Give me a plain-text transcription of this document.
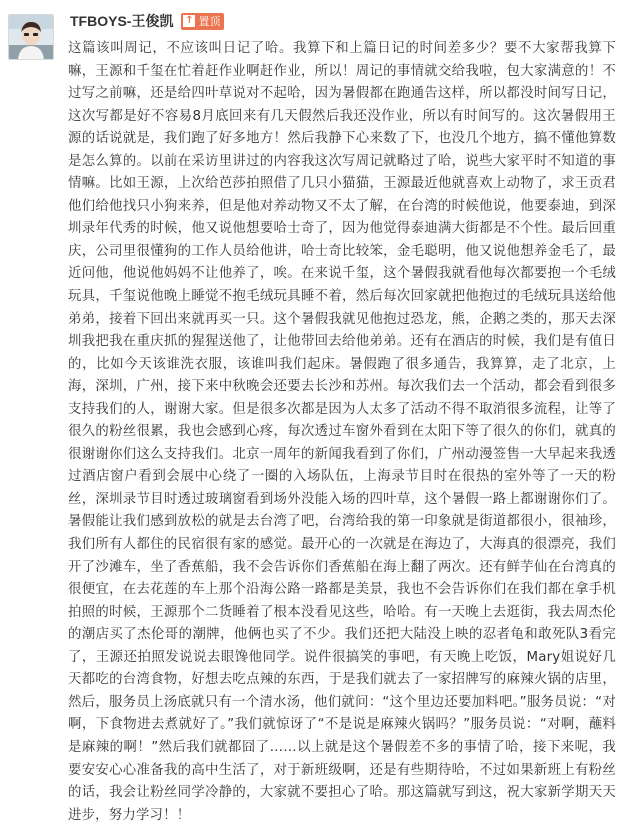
TFBOYS-王俊凯 ↑ 置顶

这篇该叫周记，不应该叫日记了哈。我算下和上篇日记的时间差多少？要不大家帮我算下嘛，王源和千玺在忙着赶作业啊赶作业，所以！周记的事情就交给我啦，包大家满意的！不过写之前嘛，还是给四叶草说对不起哈，因为暑假都在跑通告这样，所以都没时间写日记，这次写都是好不容易8月底回来有几天假然后我还没作业，所以有时间写的。这次暑假用王源的话说就是，我们跑了好多地方！然后我静下心来数了下，也没几个地方，搞不懂他算数是怎么算的。以前在采访里讲过的内容我这次写周记就略过了哈，说些大家平时不知道的事情嘛。比如王源，上次给芭莎拍照借了几只小猫猫，王源最近他就喜欢上动物了，求王贡君他们给他找只小狗来养，但是他对养动物又不太了解，在台湾的时候他说，他要泰迪，到深圳录年代秀的时候，他又说他想要哈士奇了，因为他觉得泰迪满大街都是不个性。最后回重庆，公司里很懂狗的工作人员给他讲，哈士奇比较笨，金毛聪明，他又说他想养金毛了，最近问他，他说他妈妈不让他养了，唉。在来说千玺，这个暑假我就看他每次都要抱一个毛绒玩具，千玺说他晚上睡觉不抱毛绒玩具睡不着，然后每次回家就把他抱过的毛绒玩具送给他弟弟，接着下回出来就再买一只。这个暑假我就见他抱过恐龙，熊，企鹅之类的，那天去深圳我把我在重庆抓的猩猩送他了，让他带回去给他弟弟。还有在酒店的时候，我们是有值日的，比如今天该谁洗衣服，该谁叫我们起床。暑假跑了很多通告，我算算，走了北京，上海，深圳，广州，接下来中秋晚会还要去长沙和苏州。每次我们去一个活动，都会看到很多支持我们的人，谢谢大家。但是很多次都是因为人太多了活动不得不取消很多流程，让等了很久的粉丝很累，我也会感到心疼，每次透过车窗外看到在太阳下等了很久的你们，就真的很谢谢你们这么支持我们。北京一周年的新闻我看到了你们，广州动漫签售一大早起来我透过酒店窗户看到会展中心绕了一圈的入场队伍，上海录节目时在很热的室外等了一天的粉丝，深圳录节目时透过玻璃窗看到场外没能入场的四叶草，这个暑假一路上都谢谢你们了。暑假能让我们感到放松的就是去台湾了吧，台湾给我的第一印象就是街道都很小，很袖珍，我们所有人都住的民宿很有家的感觉。最开心的一次就是在海边了，大海真的很漂亮，我们开了沙滩车，坐了香蕉船，我不会告诉你们香蕉船在海上翻了两次。还有鲜芋仙在台湾真的很便宜，在去花莲的车上那个沿海公路一路都是美景，我也不会告诉你们在我们都在拿手机拍照的时候，王源那个二货睡着了根本没看见这些，哈哈。有一天晚上去逛街，我去周杰伦的潮店买了杰伦哥的潮牌，他俩也买了不少。我们还把大陆没上映的忍者龟和敢死队3看完了，王源还拍照发说说去眼馋他同学。说件很搞笑的事吧，有天晚上吃饭，Mary姐说好几天都吃的台湾食物，好想去吃点辣的东西，于是我们就去了一家招牌写的麻辣火锅的店里，然后，服务员上汤底就只有一个清水汤，他们就问：“这个里边还要加料吧。”服务员说：“对啊，下食物进去煮就好了。”我们就惊讶了“不是说是麻辣火锅吗？”服务员说：“对啊，蘸料是麻辣的啊！”然后我们就都囧了……以上就是这个暑假差不多的事情了哈，接下来呢，我要安安心心准备我的高中生活了，对于新班级啊，还是有些期待哈，不过如果新班上有粉丝的话，我会让粉丝同学冷静的，大家就不要担心了哈。那这篇就写到这，祝大家新学期天天进步，努力学习！！
